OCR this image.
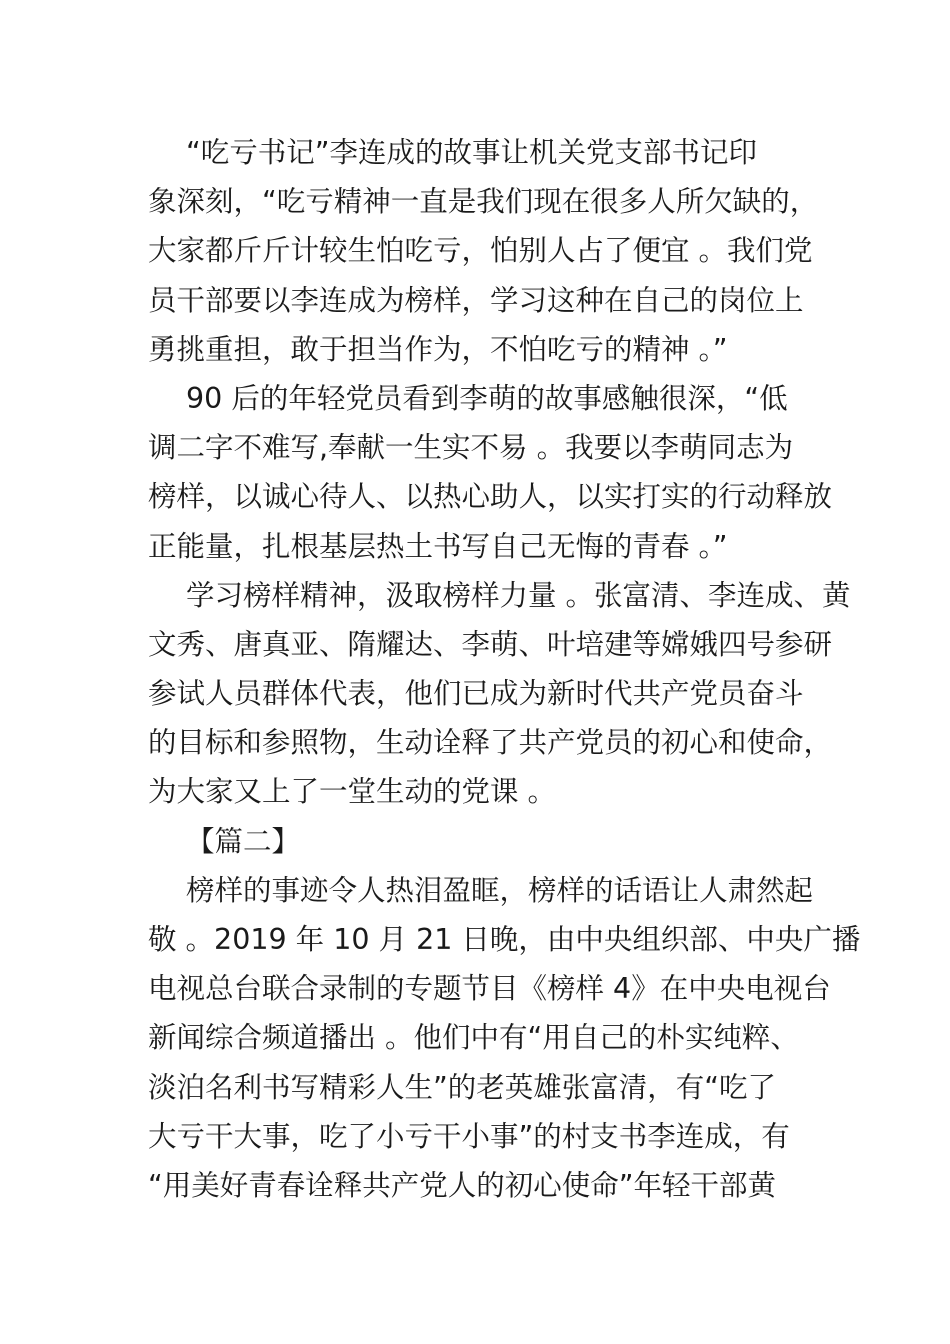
“吃亏书记”李连成的故事让机关党支部书记印
象深刻，“吃亏精神一直是我们现在很多人所欠缺的，
大家都斤斤计较生怕吃亏，怕别人占了便宜 。我们党
员干部要以李连成为榜样，学习这种在自己的岗位上
勇挑重担，敢于担当作为，不怕吃亏的精神 。”
90 后的年轻党员看到李萌的故事感触很深，“低
调二字不难写,奉献一生实不易 。我要以李萌同志为
榜样，以诚心待人、以热心助人，以实打实的行动释放
正能量，扎根基层热土书写自己无悔的青春 。”
学习榜样精神，汲取榜样力量 。张富清、李连成、黄
文秀、唐真亚、隋耀达、李萌、叶培建等嫦娥四号参研
参试人员群体代表，他们已成为新时代共产党员奋斗
的目标和参照物，生动诠释了共产党员的初心和使命，
为大家又上了一堂生动的党课 。
【篇二】
榜样的事迹令人热泪盈眶，榜样的话语让人肃然起
敬 。2019 年 10 月 21 日晚，由中央组织部、中央广播
电视总台联合录制的专题节目《榜样 4》在中央电视台
新闻综合频道播出 。他们中有“用自己的朴实纯粹、
淡泊名利书写精彩人生”的老英雄张富清，有“吃了
大亏干大事，吃了小亏干小事”的村支书李连成，有
“用美好青春诠释共产党人的初心使命”年轻干部黄
